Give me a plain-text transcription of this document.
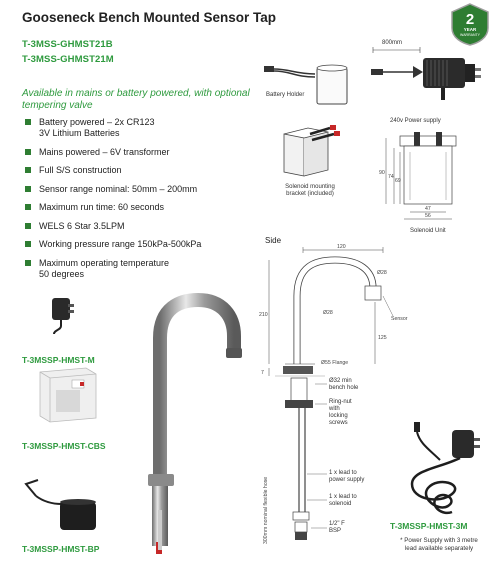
Gooseneck Bench Mounted Sensor Tap
T-3MSS-GHMST21B
T-3MSS-GHMST21M
Available in mains or battery powered, with optional tempering valve
Battery powered – 2x CR123
3V Lithium Batteries
Mains powered – 6V transformer
Full S/S construction
Sensor range nominal: 50mm – 200mm
Maximum run time: 60 seconds
WELS 6 Star 3.5LPM
Working pressure range 150kPa-500kPa
Maximum operating temperature
50 degrees
2
YEAR
WARRANTY
Battery Holder
800mm
240v Power supply
Solenoid mounting
bracket (included)
90
74
69
47
56
Solenoid Unit
Side
120
210
7
Ø28
Sensor
Ø28
125
Ø55 Flange
300mm nominal flexible hose
Ø32 min
bench hole
Ring-nut
with
locking
screws
1 x lead to
power supply
1 x lead to
solenoid
1/2" F
BSP
T-3MSSP-HMST-M
T-3MSSP-HMST-CBS
T-3MSSP-HMST-BP
T-3MSSP-HMST-3M
* Power Supply with 3 metre
lead available separately
